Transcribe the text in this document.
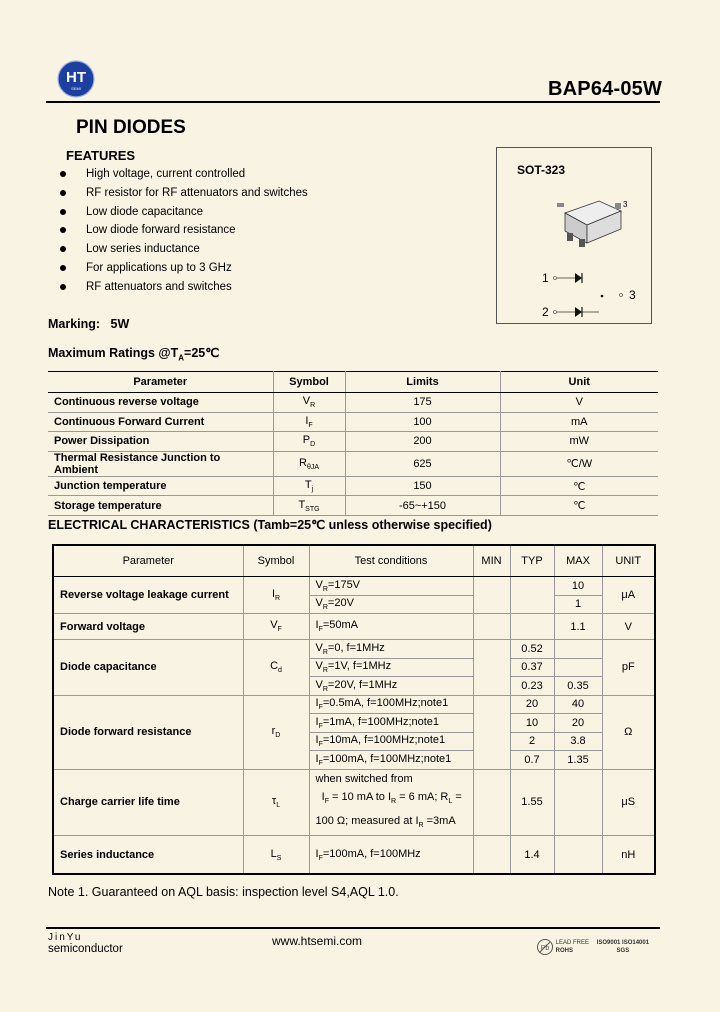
HT
SEMI	BAP64-05W
PIN DIODES
FEATURES
High voltage, current controlled
RF resistor for RF attenuators and switches
Low diode capacitance
Low diode forward resistance
Low series inductance
For applications up to 3 GHz
RF attenuators and switches
SOT-323
3
1
3
2
Marking: 5W
Maximum Ratings $@T_A=25℃$
Parameter	Symbol	Limits	Unit
Continuous reverse voltage	$V_R$	175	V
Continuous Forward Current	$I_F$	100	mA
Power Dissipation	$P_D$	200	mW
Thermal Resistance Junction to Ambient	$R_{\theta JA}$	625	℃/W
Junction temperature	$T_j$	150	℃
Storage temperature	$T_{STG}$	-65~+150	℃
ELECTRICAL CHARACTERISTICS (Tamb=25℃ unless otherwise specified)
Parameter	Symbol	Test conditions	MIN	TYP	MAX	UNIT
Reverse voltage leakage current	$I_R$	$V_R=175V$			10	μA
		$V_R=20V$			1	
Forward voltage	$V_F$	$I_F=50mA$			1.1	V
Diode capacitance	$C_d$	$V_R=0$, f=1MHz		0.52		pF
		$V_R=1V$, f=1MHz		0.37		
		$V_R=20V$, f=1MHz		0.23	0.35	
Diode forward resistance	$r_D$	$I_F=0.5mA$, f=100MHz;note1		20	40	Ω
		$I_F=1mA$, f=100MHz;note1		10	20	
		$I_F=10mA$, f=100MHz;note1		2	3.8	
		$I_F=100mA$, f=100MHz;note1		0.7	1.35	
Charge carrier life time	$\tau_L$	when switched from
$I_F = 10$ mA to $I_R = 6$ mA; $R_L$ =
100 Ω; measured at $I_R =3mA$		1.55		μS
Series inductance	$L_S$	$I_F=100mA$, f=100MHz		1.4		nH
Note 1. Guaranteed on AQL basis: inspection level S4,AQL 1.0.
JinYu
semiconductor
www.htsemi.com
Pb
LEAD FREE
ROHS ISO9001 ISO14001
SGS
